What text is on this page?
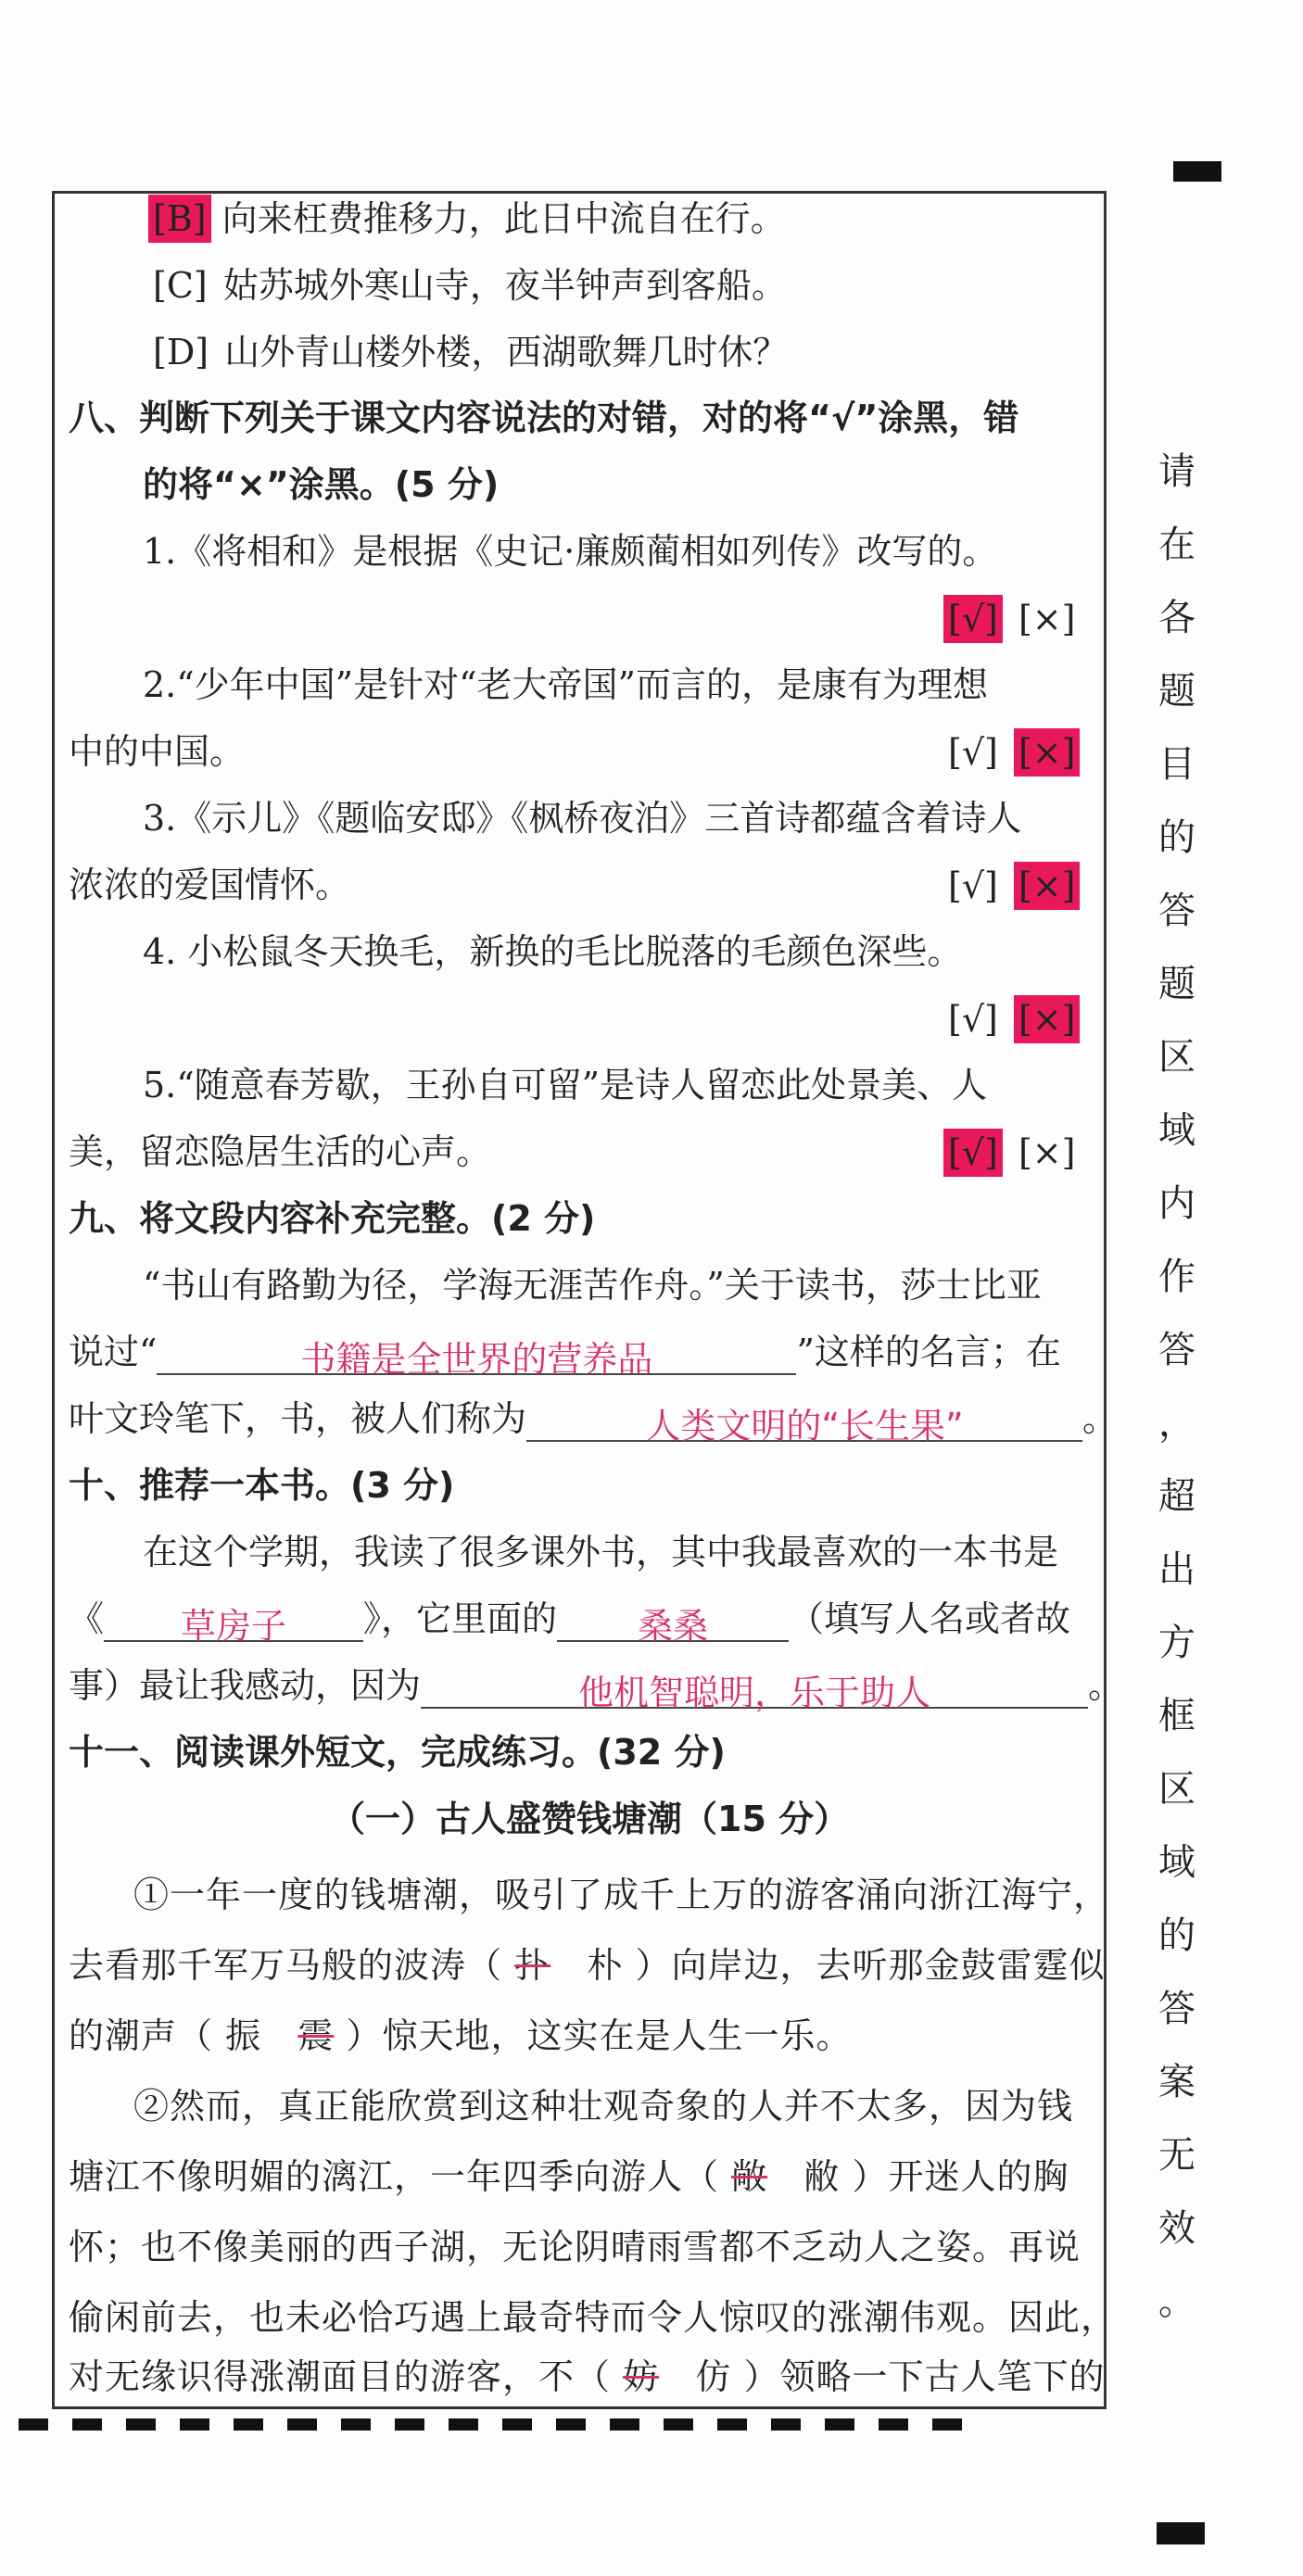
[B] 向来枉费推移力，此日中流自在行。
[C] 姑苏城外寒山寺，夜半钟声到客船。
[D] 山外青山楼外楼，西湖歌舞几时休？
八、判断下列关于课文内容说法的对错，对的将“√”涂黑，错
的将“×”涂黑。(5 分)
1.《将相和》是根据《史记·廉颇蔺相如列传》改写的。
[√] [×]
2.“少年中国”是针对“老大帝国”而言的，是康有为理想
中的中国。	[√] [×]
3.《示儿》《题临安邸》《枫桥夜泊》三首诗都蕴含着诗人
浓浓的爱国情怀。	[√] [×]
4. 小松鼠冬天换毛，新换的毛比脱落的毛颜色深些。
[√] [×]
5.“随意春芳歇，王孙自可留”是诗人留恋此处景美、人
美，留恋隐居生活的心声。	[√] [×]
九、将文段内容补充完整。(2 分)
“书山有路勤为径，学海无涯苦作舟。”关于读书，莎士比亚
说过“	书籍是全世界的营养品	”这样的名言；在
叶文玲笔下，书，被人们称为	人类文明的“长生果”	。
十、推荐一本书。(3 分)
在这个学期，我读了很多课外书，其中我最喜欢的一本书是
《 草房子 》，它里面的 桑桑 （填写人名或者故
事）最让我感动，因为	他机智聪明，乐于助人	。
十一、阅读课外短文，完成练习。(32 分)
（一）古人盛赞钱塘潮（15 分）
①一年一度的钱塘潮，吸引了成千上万的游客涌向浙江海宁，
去看那千军万马般的波涛（ 扑 朴 ）向岸边，去听那金鼓雷霆似
的潮声（ 振 震 ）惊天地，这实在是人生一乐。
②然而，真正能欣赏到这种壮观奇象的人并不太多，因为钱
塘江不像明媚的漓江，一年四季向游人（ 敞 敝 ）开迷人的胸
怀；也不像美丽的西子湖，无论阴晴雨雪都不乏动人之姿。再说
偷闲前去，也未必恰巧遇上最奇特而令人惊叹的涨潮伟观。因此，
对无缘识得涨潮面目的游客，不（ 妨 仿 ）领略一下古人笔下的
请
在
各
题
目
的
答
题
区
域
内
作
答
，
超
出
方
框
区
域
的
答
案
无
效
。
